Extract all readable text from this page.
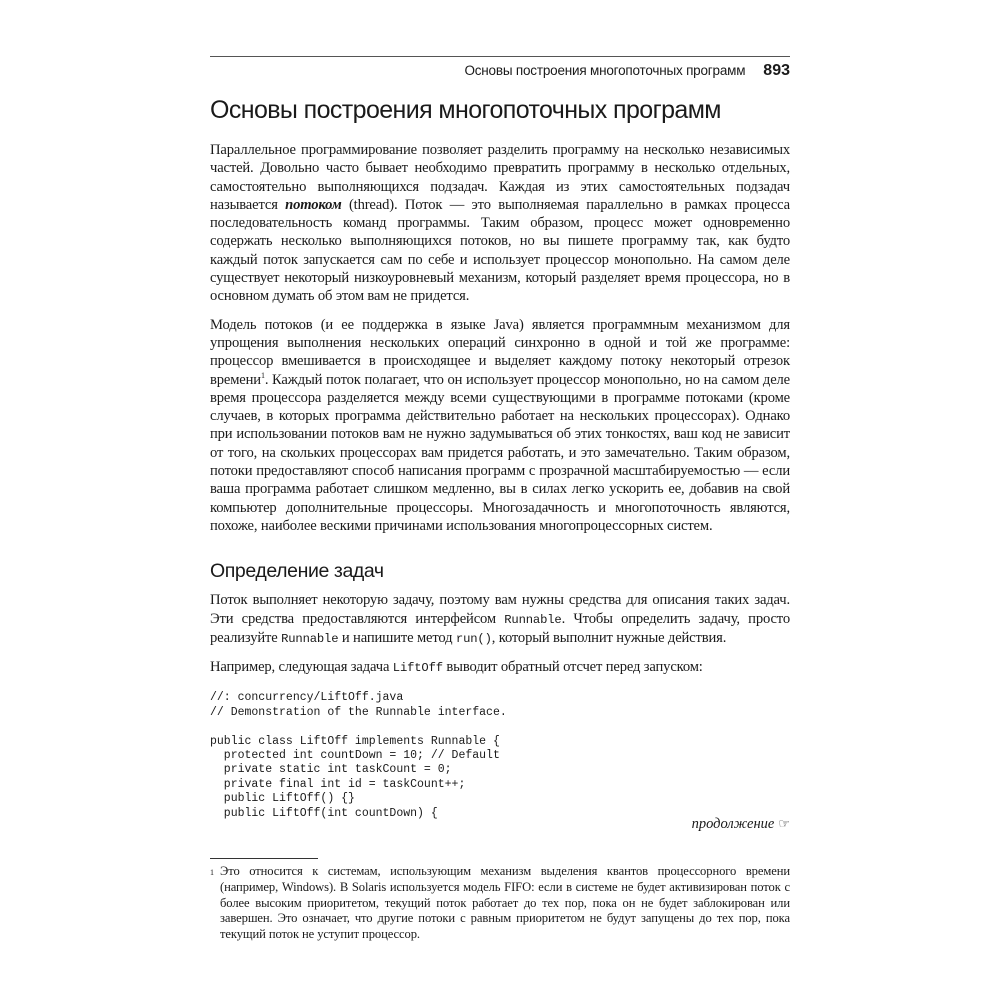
Основы построения многопоточных программ 893
Основы построения многопоточных программ

Параллельное программирование позволяет разделить программу на несколько независимых частей. Довольно часто бывает необходимо превратить программу в несколько отдельных, самостоятельно выполняющихся подзадач. Каждая из этих самостоятельных подзадач называется потоком (thread). Поток — это выполняемая параллельно в рамках процесса последовательность команд программы. Таким образом, процесс может одновременно содержать несколько выполняющихся потоков, но вы пишете программу так, как будто каждый поток запускается сам по себе и использует процессор монопольно. На самом деле существует некоторый низкоуровневый механизм, который разделяет время процессора, но в основном думать об этом вам не придется.

Модель потоков (и ее поддержка в языке Java) является программным механизмом для упрощения выполнения нескольких операций синхронно в одной и той же программе: процессор вмешивается в происходящее и выделяет каждому потоку некоторый отрезок времени$^1$. Каждый поток полагает, что он использует процессор монопольно, но на самом деле время процессора разделяется между всеми существующими в программе потоками (кроме случаев, в которых программа действительно работает на нескольких процессорах). Однако при использовании потоков вам не нужно задумываться об этих тонкостях, ваш код не зависит от того, на скольких процессорах вам придется работать, и это замечательно. Таким образом, потоки предоставляют способ написания программ с прозрачной масштабируемостью — если ваша программа работает слишком медленно, вы в силах легко ускорить ее, добавив на свой компьютер дополнительные процессоры. Многозадачность и многопоточность являются, похоже, наиболее вескими причинами использования многопроцессорных систем.

Определение задач

Поток выполняет некоторую задачу, поэтому вам нужны средства для описания таких задач. Эти средства предоставляются интерфейсом Runnable. Чтобы определить задачу, просто реализуйте Runnable и напишите метод run(), который выполнит нужные действия.

Например, следующая задача LiftOff выводит обратный отсчет перед запуском:

//: concurrency/LiftOff.java
// Demonstration of the Runnable interface.

public class LiftOff implements Runnable {
protected int countDown = 10; // Default
private static int taskCount = 0;
private final int id = taskCount++;
public LiftOff() {}
public LiftOff(int countDown) {
продолжение ☞
1 Это относится к системам, использующим механизм выделения квантов процессорного времени (например, Windows). В Solaris используется модель FIFO: если в системе не будет активизирован поток с более высоким приоритетом, текущий поток работает до тех пор, пока он не будет заблокирован или завершен. Это означает, что другие потоки с равным приоритетом не будут запущены до тех пор, пока текущий поток не уступит процессор.
